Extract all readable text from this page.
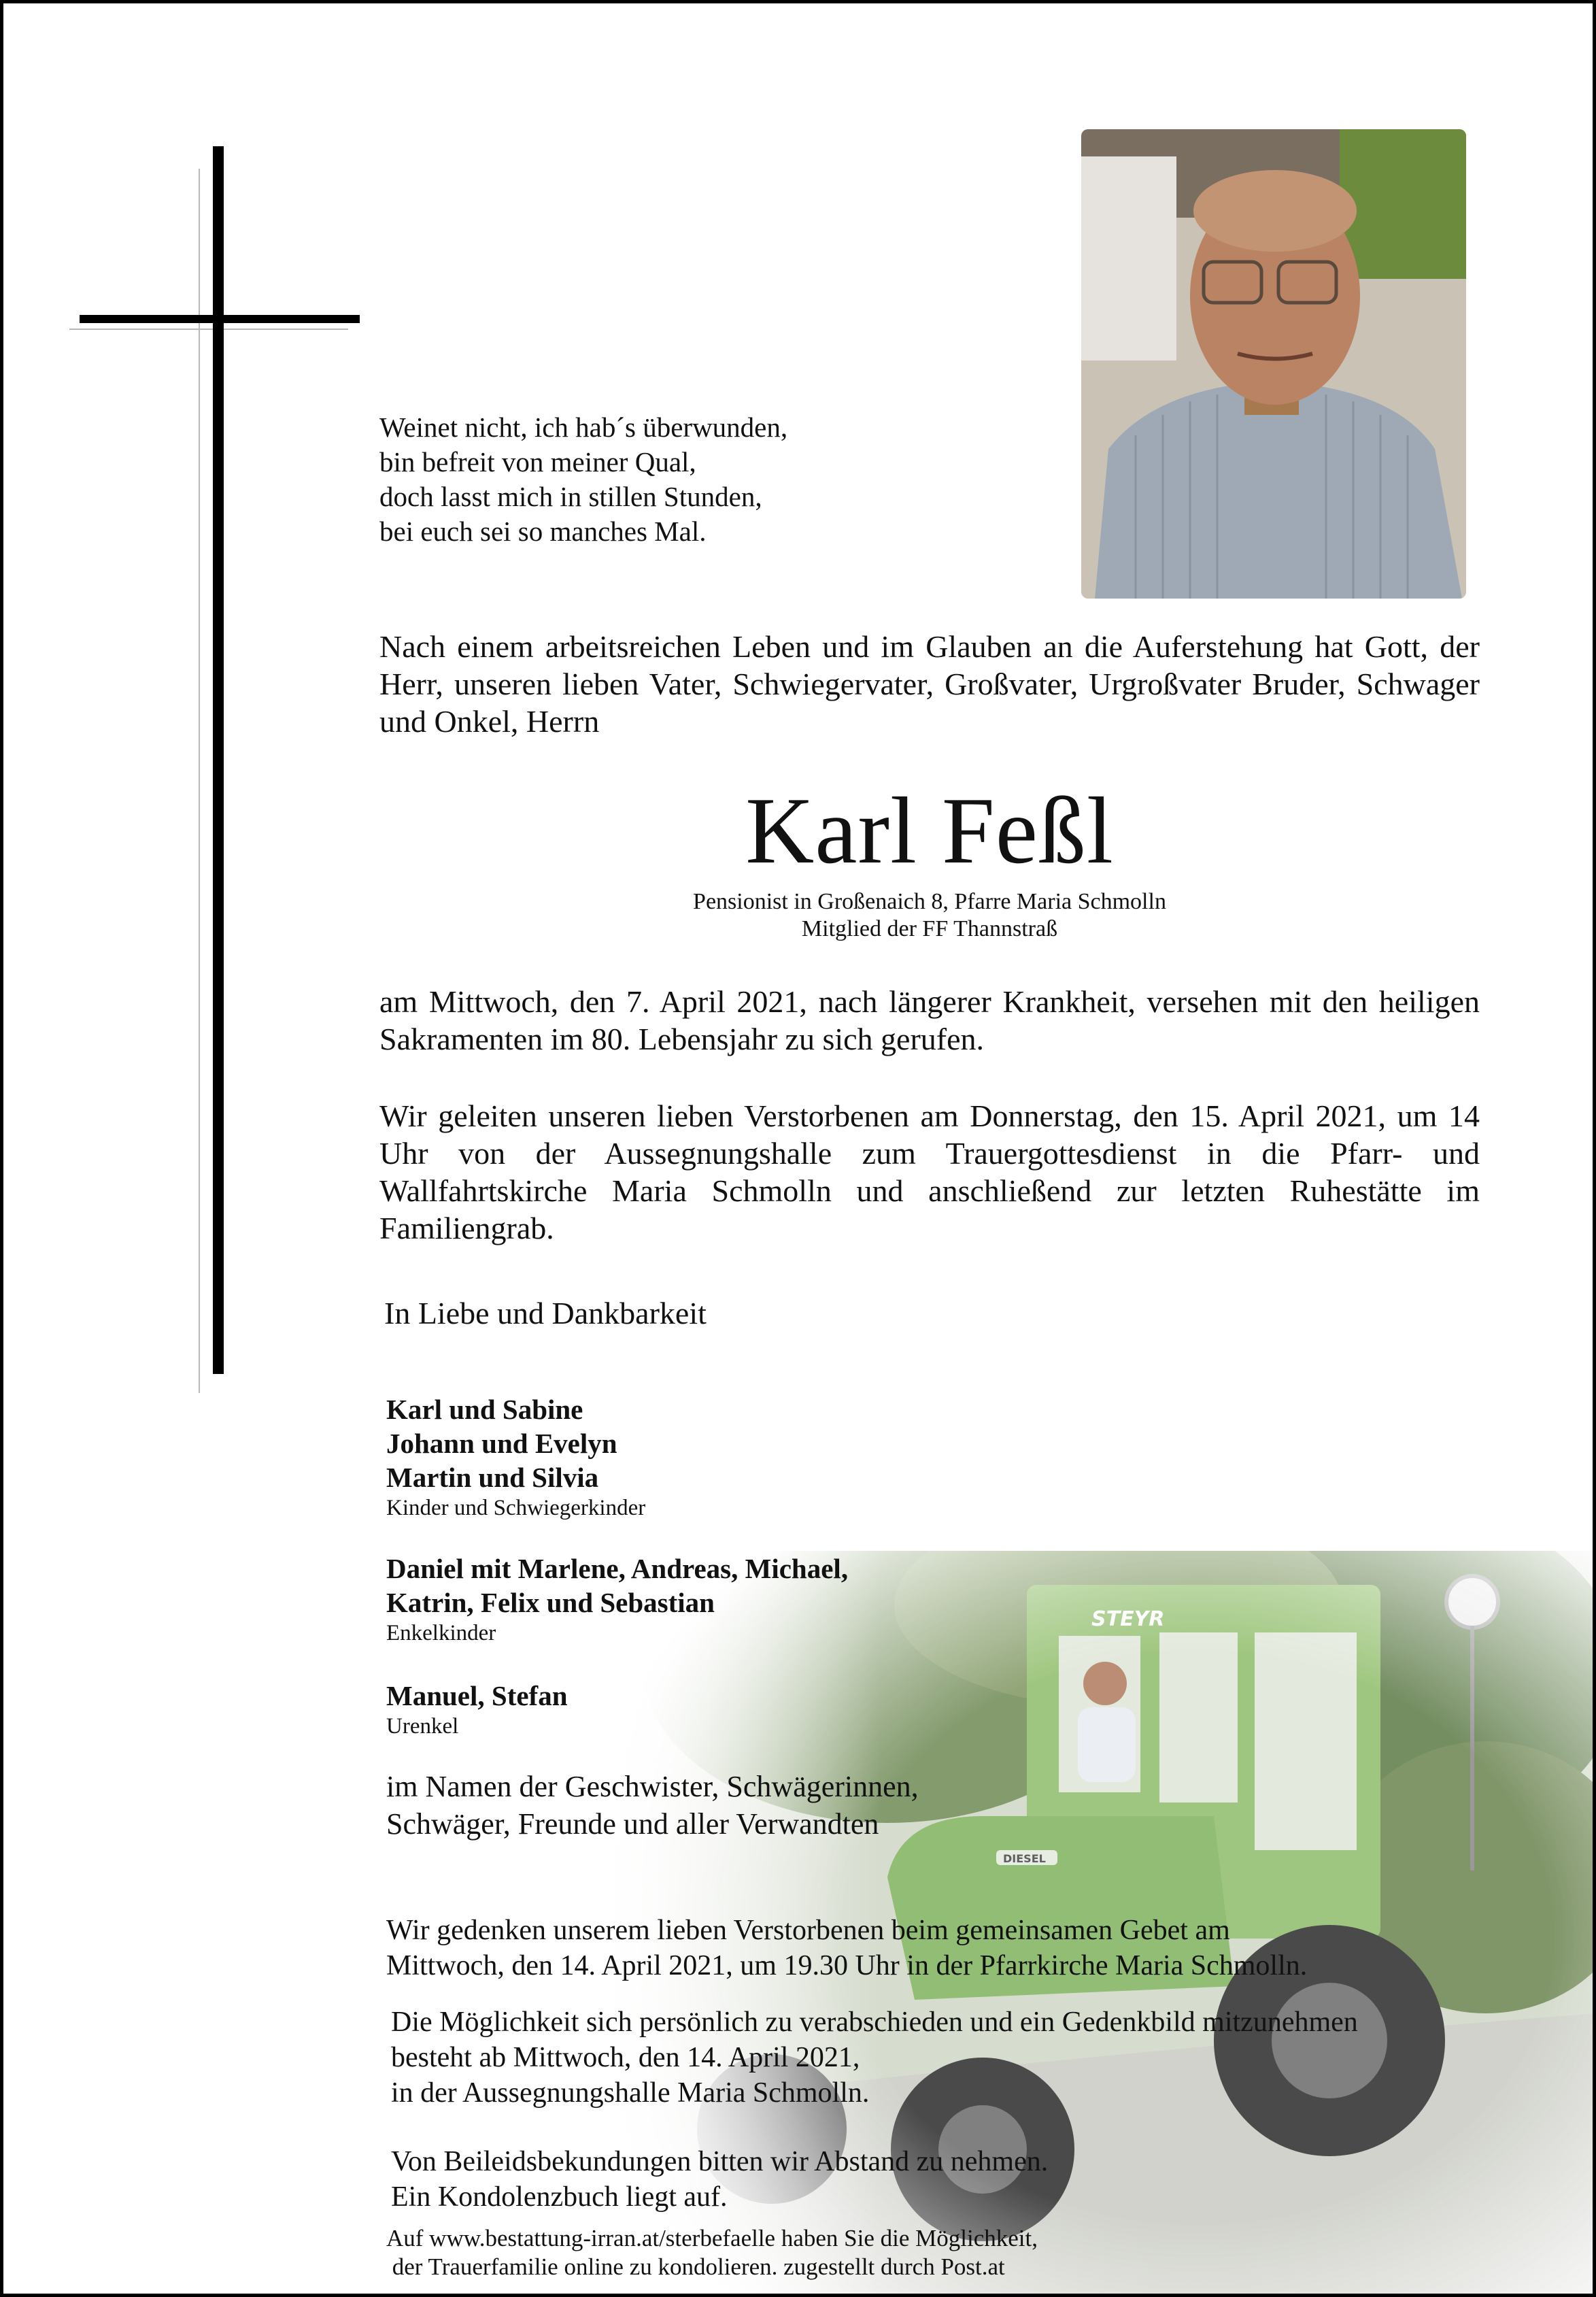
Weinet nicht, ich hab´s überwunden,
bin befreit von meiner Qual,
doch lasst mich in stillen Stunden,
bei euch sei so manches Mal.
Nach einem arbeitsreichen Leben und im Glauben an die Auferstehung hat Gott, der Herr, unseren lieben Vater, Schwiegervater, Großvater, Urgroßvater Bruder, Schwager und Onkel, Herrn
Karl Feßl
Pensionist in Großenaich 8, Pfarre Maria Schmolln
Mitglied der FF Thannstraß
am Mittwoch, den 7. April 2021, nach längerer Krankheit, versehen mit den heiligen Sakramenten im 80. Lebensjahr zu sich gerufen.
Wir geleiten unseren lieben Verstorbenen am Donnerstag, den 15. April 2021, um 14 Uhr von der Aussegnungshalle zum Trauergottesdienst in die Pfarr- und Wallfahrtskirche Maria Schmolln und anschließend zur letzten Ruhestätte im Familiengrab.
In Liebe und Dankbarkeit
Karl und Sabine
Johann und Evelyn
Martin und Silvia
Kinder und Schwiegerkinder
Daniel mit Marlene, Andreas, Michael,
Katrin, Felix und Sebastian
Enkelkinder
Manuel, Stefan
Urenkel
im Namen der Geschwister, Schwägerinnen,
Schwäger, Freunde und aller Verwandten
Wir gedenken unserem lieben Verstorbenen beim gemeinsamen Gebet am
Mittwoch, den 14. April 2021, um 19.30 Uhr in der Pfarrkirche Maria Schmolln.
Die Möglichkeit sich persönlich zu verabschieden und ein Gedenkbild mitzunehmen
besteht ab Mittwoch, den 14. April 2021,
in der Aussegnungshalle Maria Schmolln.
Von Beileidsbekundungen bitten wir Abstand zu nehmen.
Ein Kondolenzbuch liegt auf.
Auf www.bestattung-irran.at/sterbefaelle haben Sie die Möglichkeit,
der Trauerfamilie online zu kondolieren. zugestellt durch Post.at
